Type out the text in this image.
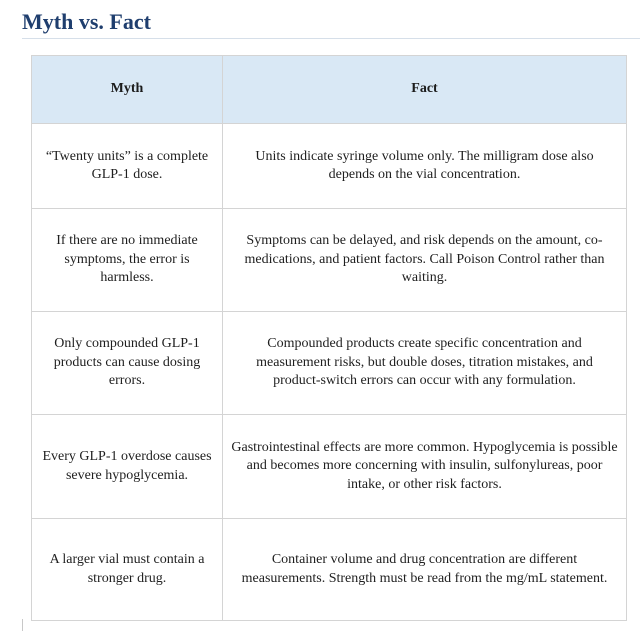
Myth vs. Fact
Myth	Fact
“Twenty units” is a complete GLP-1 dose.	Units indicate syringe volume only. The milligram dose also depends on the vial concentration.
If there are no immediate symptoms, the error is harmless.	Symptoms can be delayed, and risk depends on the amount, co-medications, and patient factors. Call Poison Control rather than waiting.
Only compounded GLP-1 products can cause dosing errors.	Compounded products create specific concentration and measurement risks, but double doses, titration mistakes, and product-switch errors can occur with any formulation.
Every GLP-1 overdose causes severe hypoglycemia.	Gastrointestinal effects are more common. Hypoglycemia is possible and becomes more concerning with insulin, sulfonylureas, poor intake, or other risk factors.
A larger vial must contain a stronger drug.	Container volume and drug concentration are different measurements. Strength must be read from the mg/mL statement.
